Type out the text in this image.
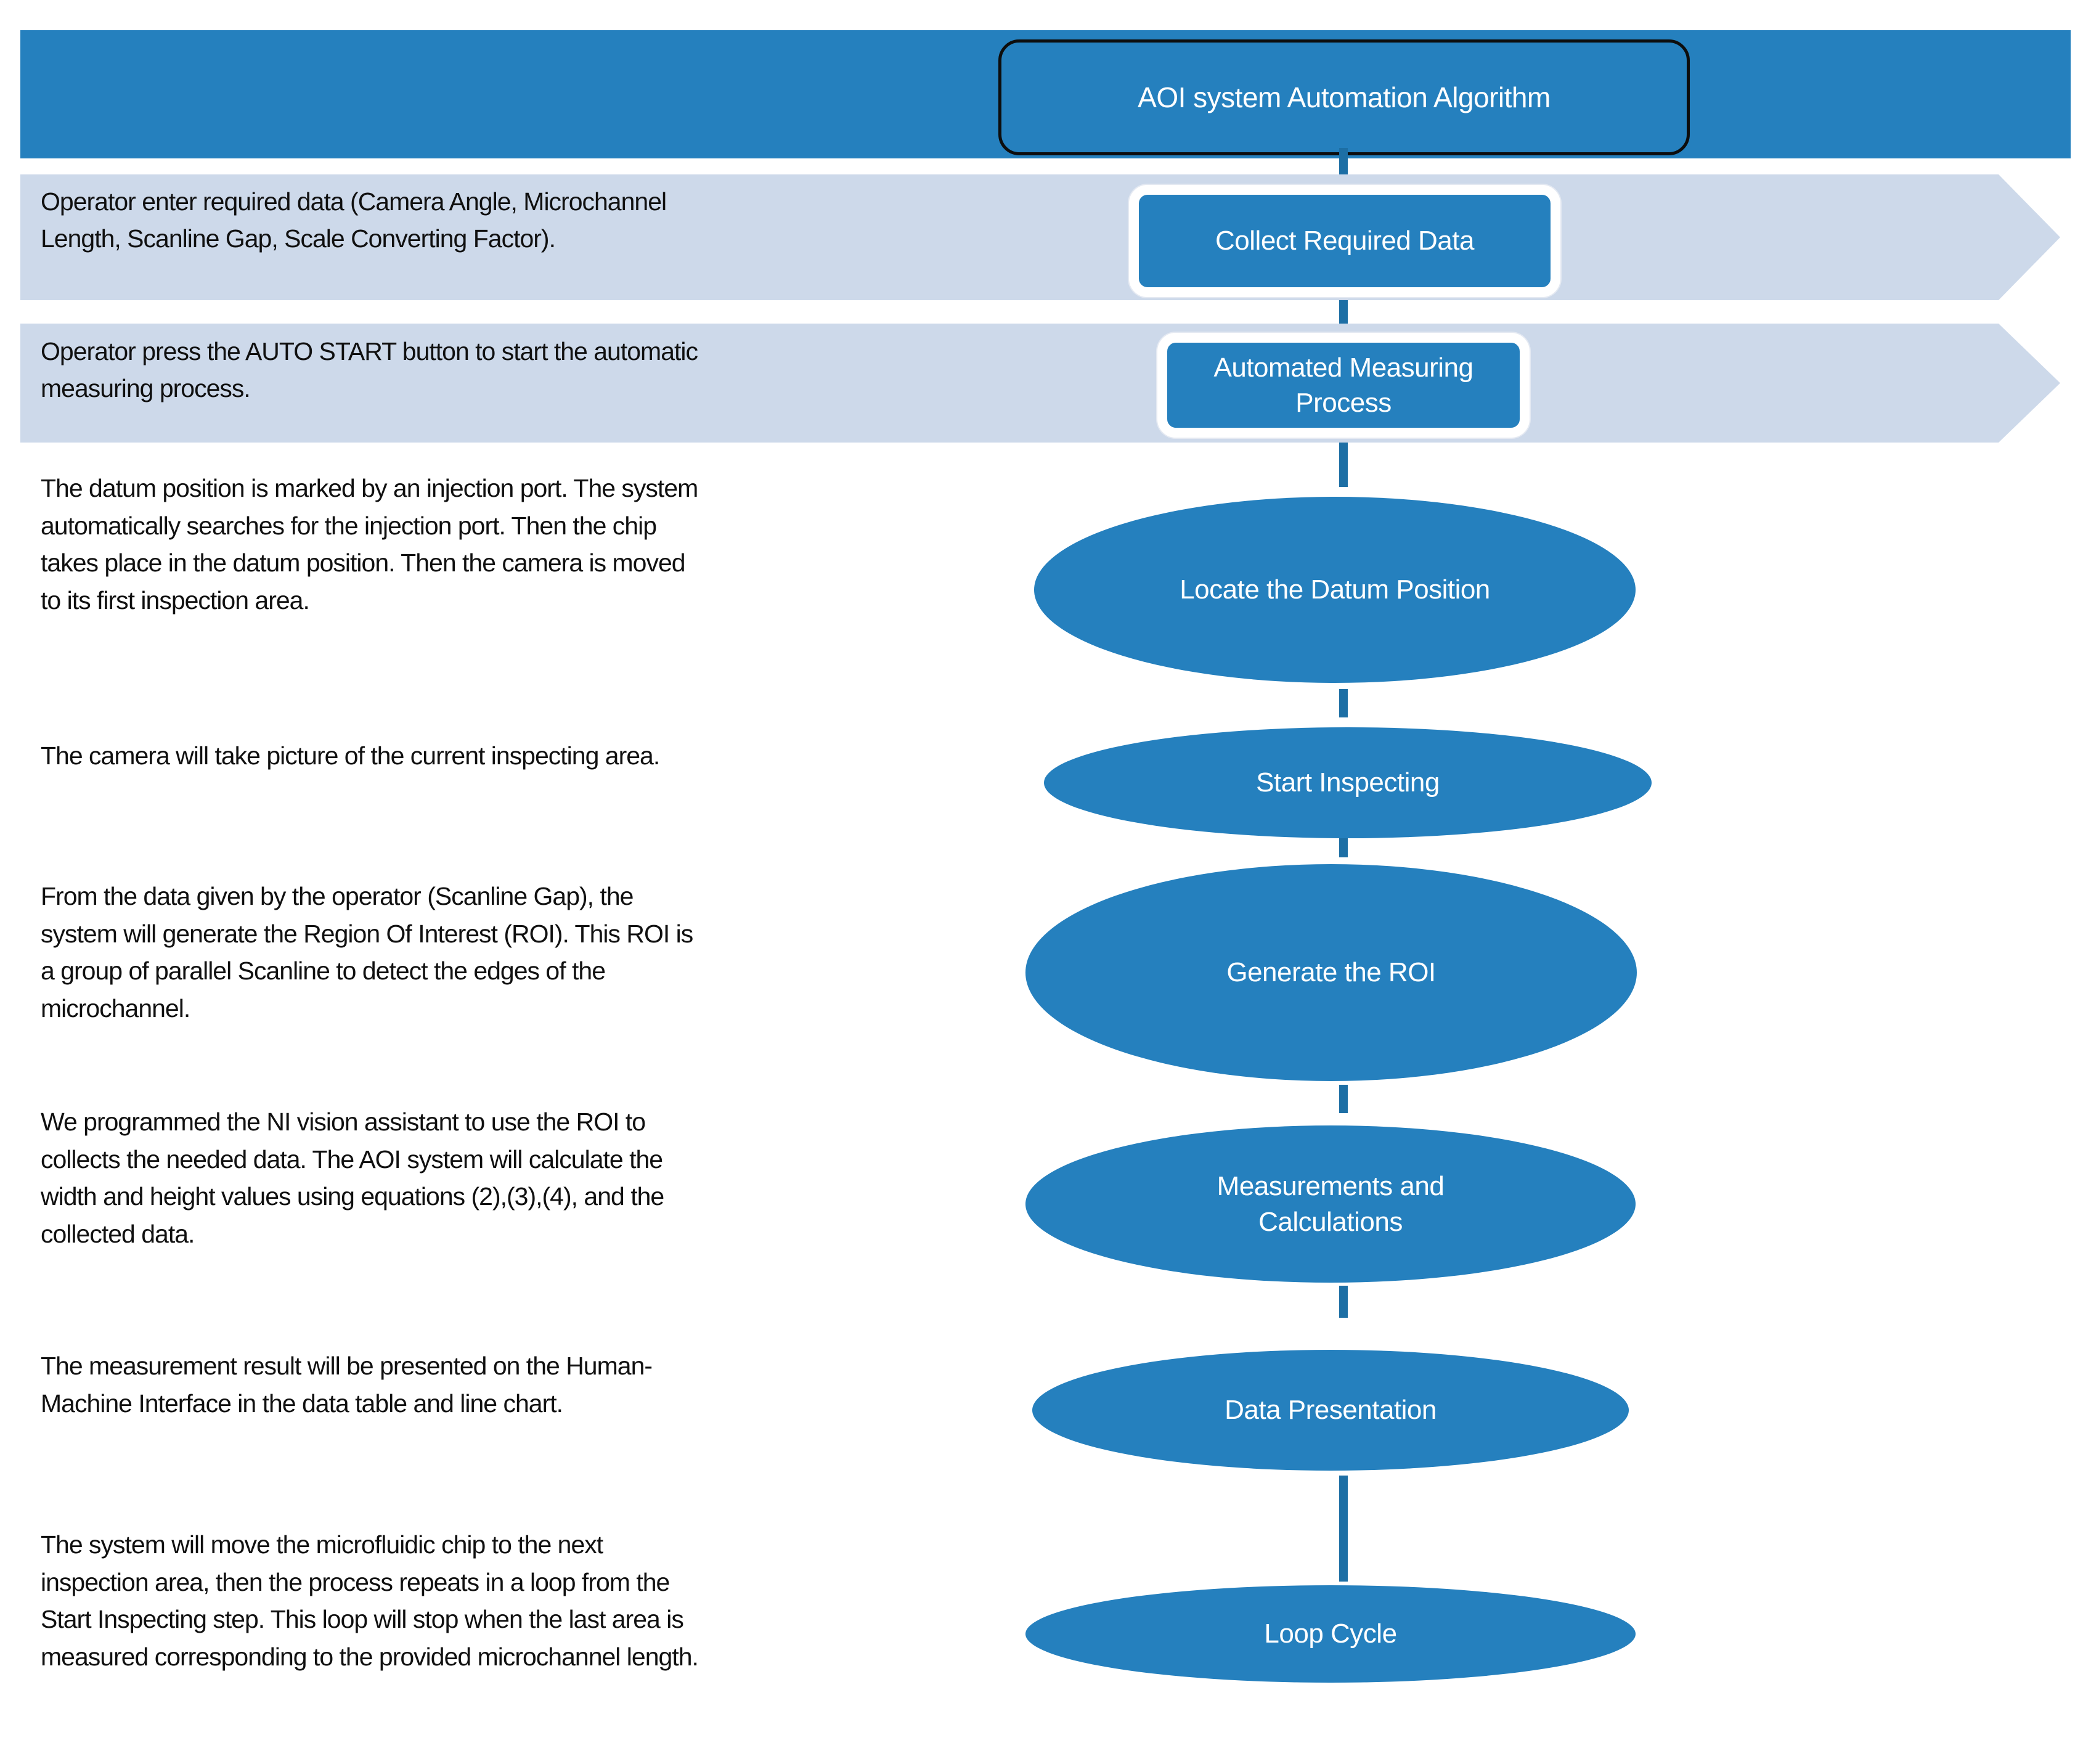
AOI system Automation Algorithm
Operator enter required data (Camera Angle, Microchannel Length, Scanline Gap, Scale Converting Factor).	Collect Required Data
Operator press the AUTO START button to start the automatic measuring process.
Automated Measuring Process
The datum position is marked by an injection port. The system automatically searches for the injection port. Then the chip takes place in the datum position. Then the camera is moved to its first inspection area.
The camera will take picture of the current inspecting area.
From the data given by the operator (Scanline Gap), the system will generate the Region Of Interest (ROI). This ROI is a group of parallel Scanline to detect the edges of the microchannel.
We programmed the NI vision assistant to use the ROI to collects the needed data. The AOI system will calculate the width and height values using equations (2),(3),(4), and the collected data.
The measurement result will be presented on the Human-Machine Interface in the data table and line chart.
The system will move the microfluidic chip to the next inspection area, then the process repeats in a loop from the Start Inspecting step. This loop will stop when the last area is measured corresponding to the provided microchannel length.
Locate the Datum Position
Start Inspecting
Generate the ROI
Measurements and Calculations
Data Presentation
Loop Cycle
